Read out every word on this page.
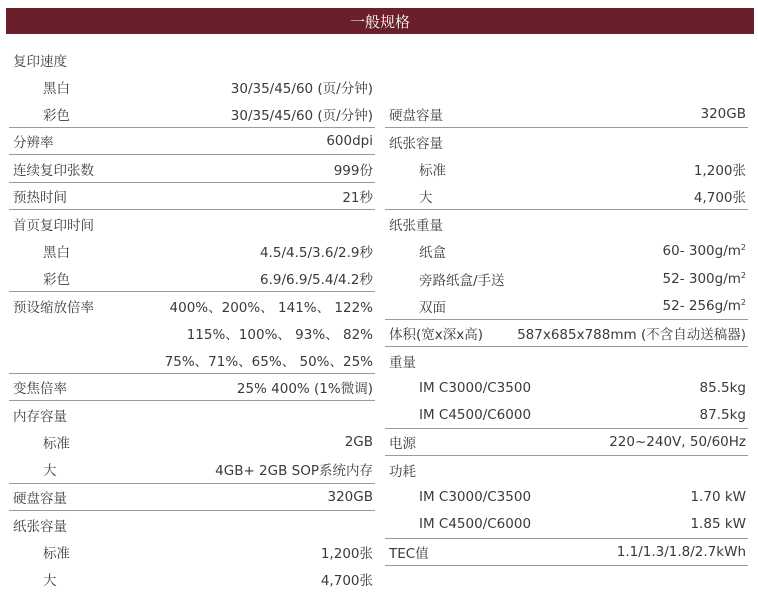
一般规格
复印速度
黑白	30/35/45/60 (页/分钟)
彩色	30/35/45/60 (页/分钟)
分辨率	600dpi
连续复印张数	999份
预热时间	21秒
首页复印时间
黑白	4.5/4.5/3.6/2.9秒
彩色	6.9/6.9/5.4/4.2秒
预设缩放倍率	400%、200%、 141%、 122%
115%、100%、 93%、 82%
75%、71%、65%、 50%、25%
变焦倍率	25% 400% (1%微调)
内存容量
标准	2GB
大	4GB+ 2GB SOP系统内存
硬盘容量	320GB
纸张容量
标准	1,200张
大	4,700张
硬盘容量	320GB
纸张容量
标准	1,200张
大	4,700张
纸张重量
纸盒	60- $300g/m^2$
旁路纸盒/手送	52- $300g/m^2$
双面	52- $256g/m^2$
体积(宽x深x高)	587x685x788mm (不含自动送稿器)
重量
IM C3000/C3500	85.5kg
IM C4500/C6000	87.5kg
电源	220~240V, 50/60Hz
功耗
IM C3000/C3500	1.70 kW
IM C4500/C6000	1.85 kW
TEC值	1.1/1.3/1.8/2.7kWh
